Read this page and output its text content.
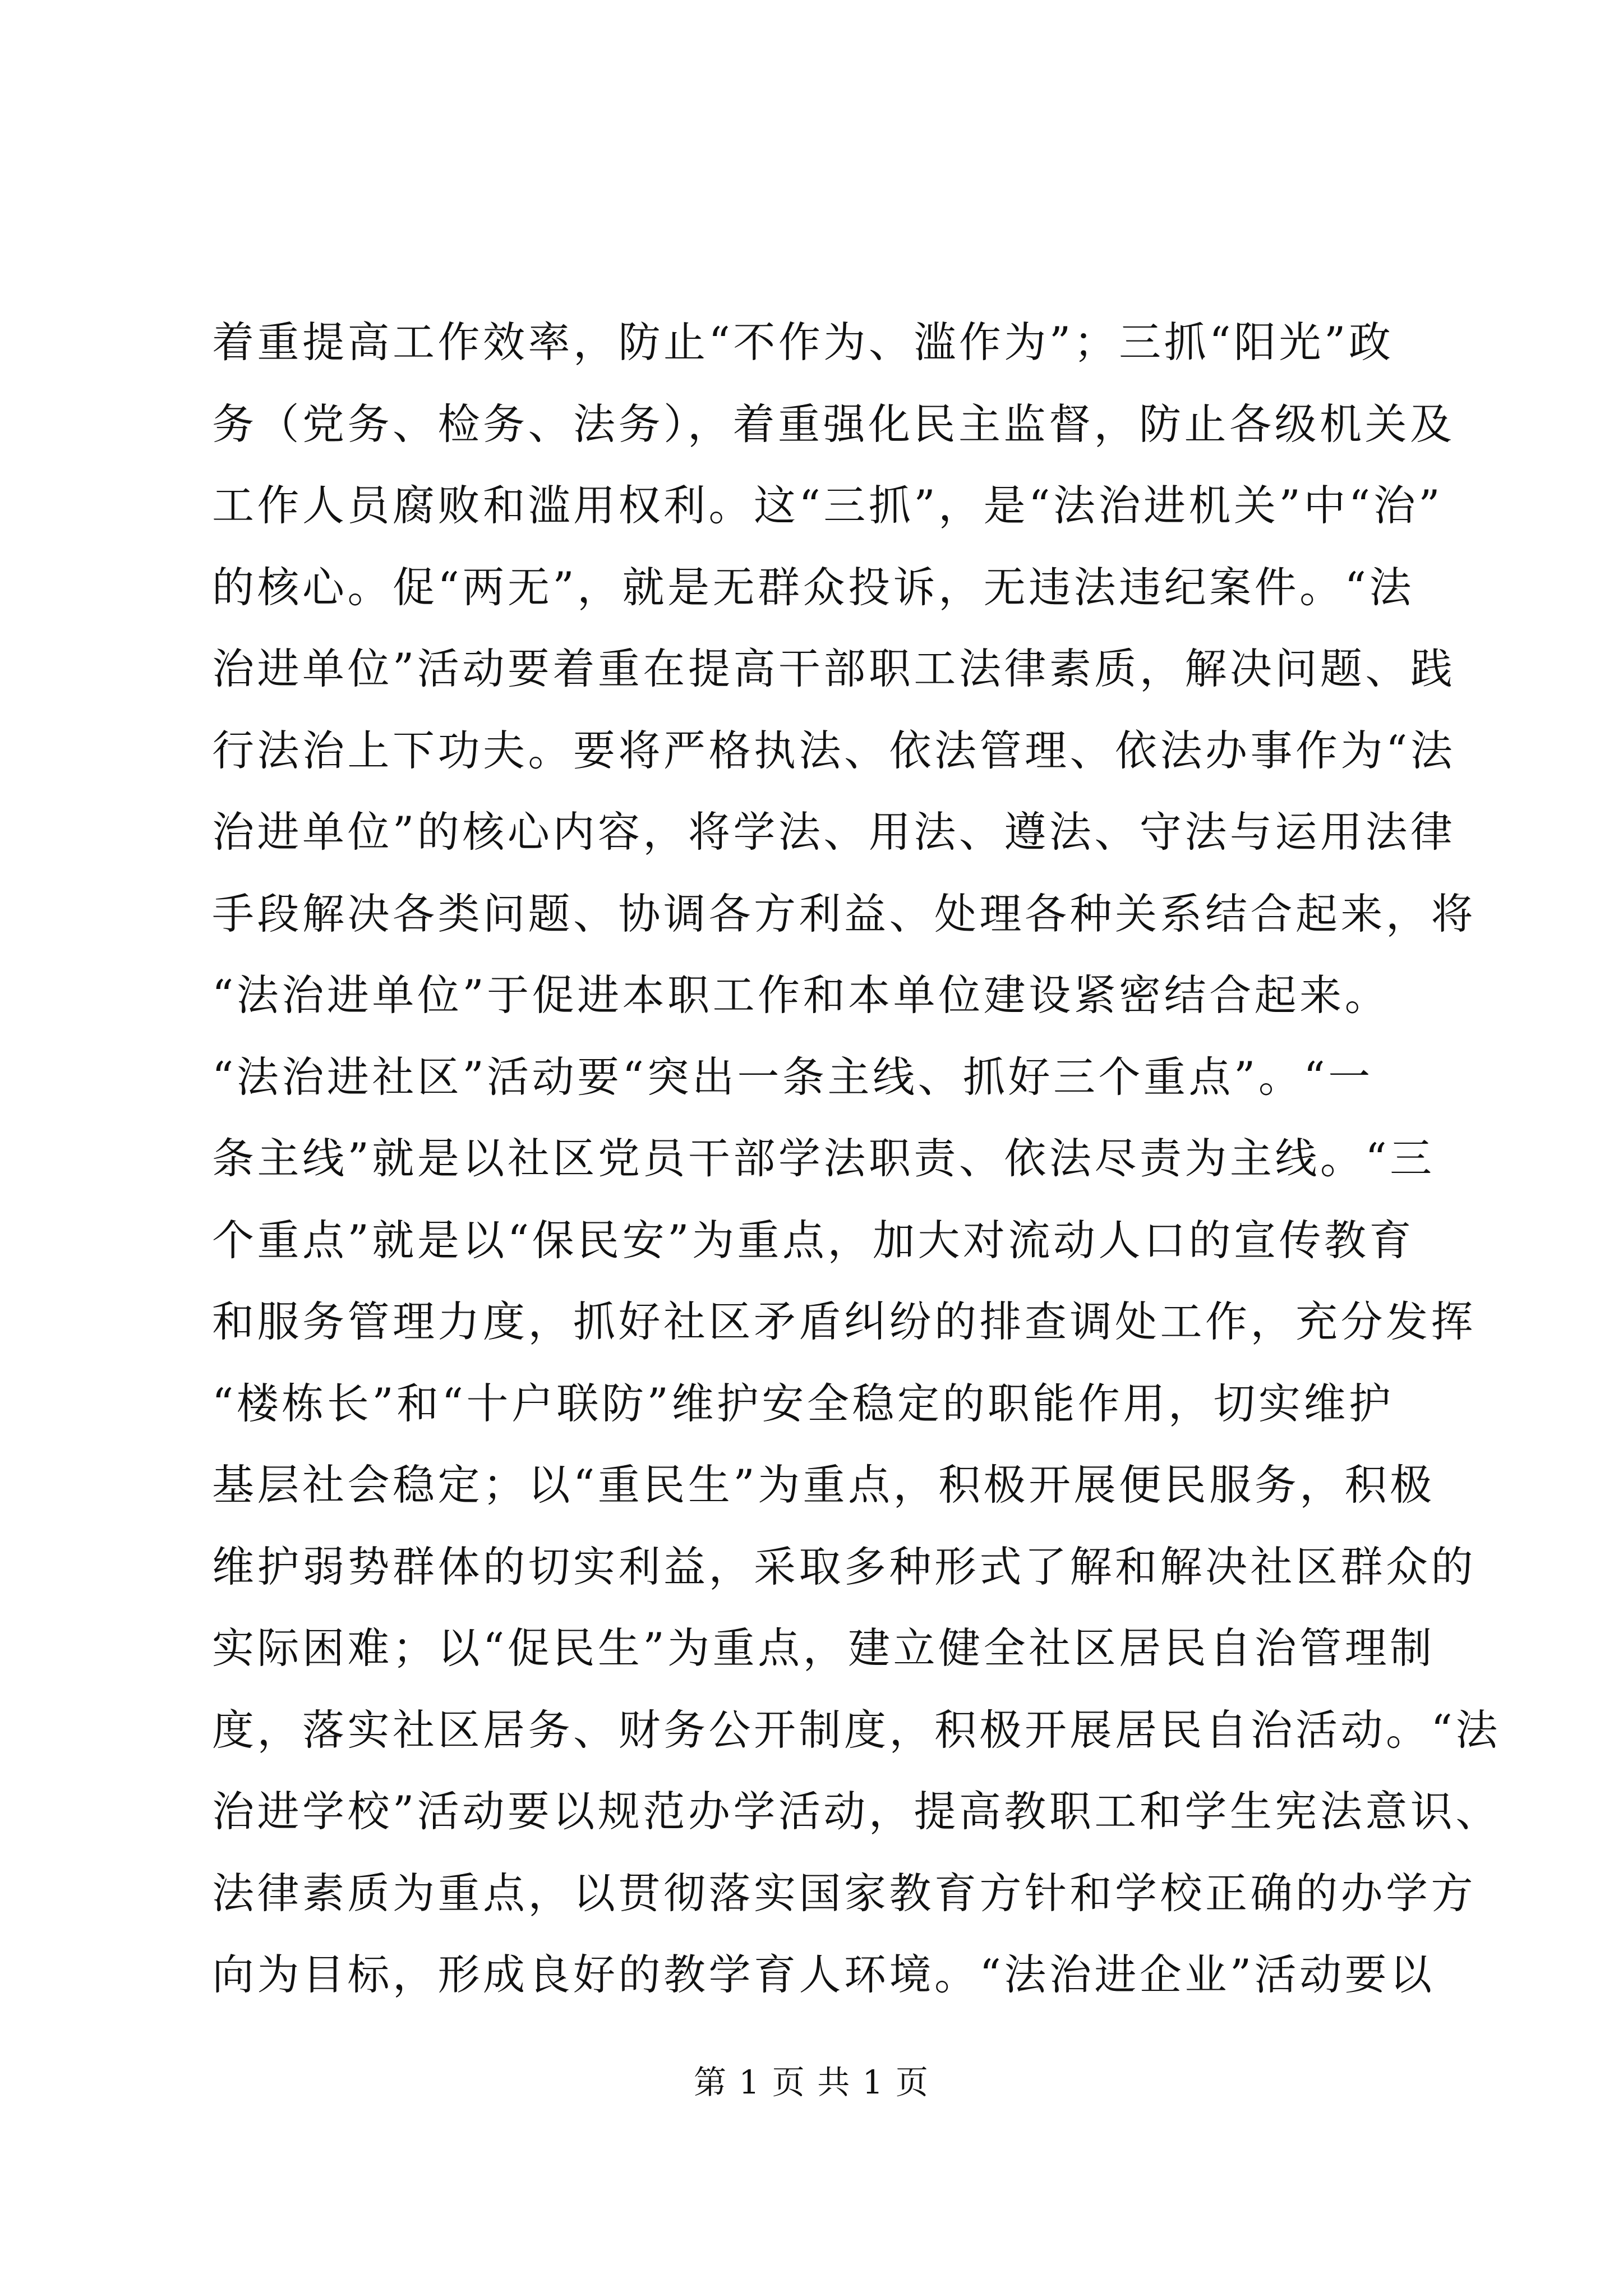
着重提高工作效率，防止“不作为、滥作为”；三抓“阳光”政
务（党务、检务、法务），着重强化民主监督，防止各级机关及
工作人员腐败和滥用权利。这“三抓”，是“法治进机关”中“治”
的核心。促“两无”，就是无群众投诉，无违法违纪案件。“法
治进单位”活动要着重在提高干部职工法律素质，解决问题、践
行法治上下功夫。要将严格执法、依法管理、依法办事作为“法
治进单位”的核心内容，将学法、用法、遵法、守法与运用法律
手段解决各类问题、协调各方利益、处理各种关系结合起来，将
“法治进单位”于促进本职工作和本单位建设紧密结合起来。
“法治进社区”活动要“突出一条主线、抓好三个重点”。“一
条主线”就是以社区党员干部学法职责、依法尽责为主线。“三
个重点”就是以“保民安”为重点，加大对流动人口的宣传教育
和服务管理力度，抓好社区矛盾纠纷的排查调处工作，充分发挥
“楼栋长”和“十户联防”维护安全稳定的职能作用，切实维护
基层社会稳定；以“重民生”为重点，积极开展便民服务，积极
维护弱势群体的切实利益，采取多种形式了解和解决社区群众的
实际困难；以“促民生”为重点，建立健全社区居民自治管理制
度，落实社区居务、财务公开制度，积极开展居民自治活动。“法
治进学校”活动要以规范办学活动，提高教职工和学生宪法意识、
法律素质为重点，以贯彻落实国家教育方针和学校正确的办学方
向为目标，形成良好的教学育人环境。“法治进企业”活动要以
第 1 页 共 1 页
